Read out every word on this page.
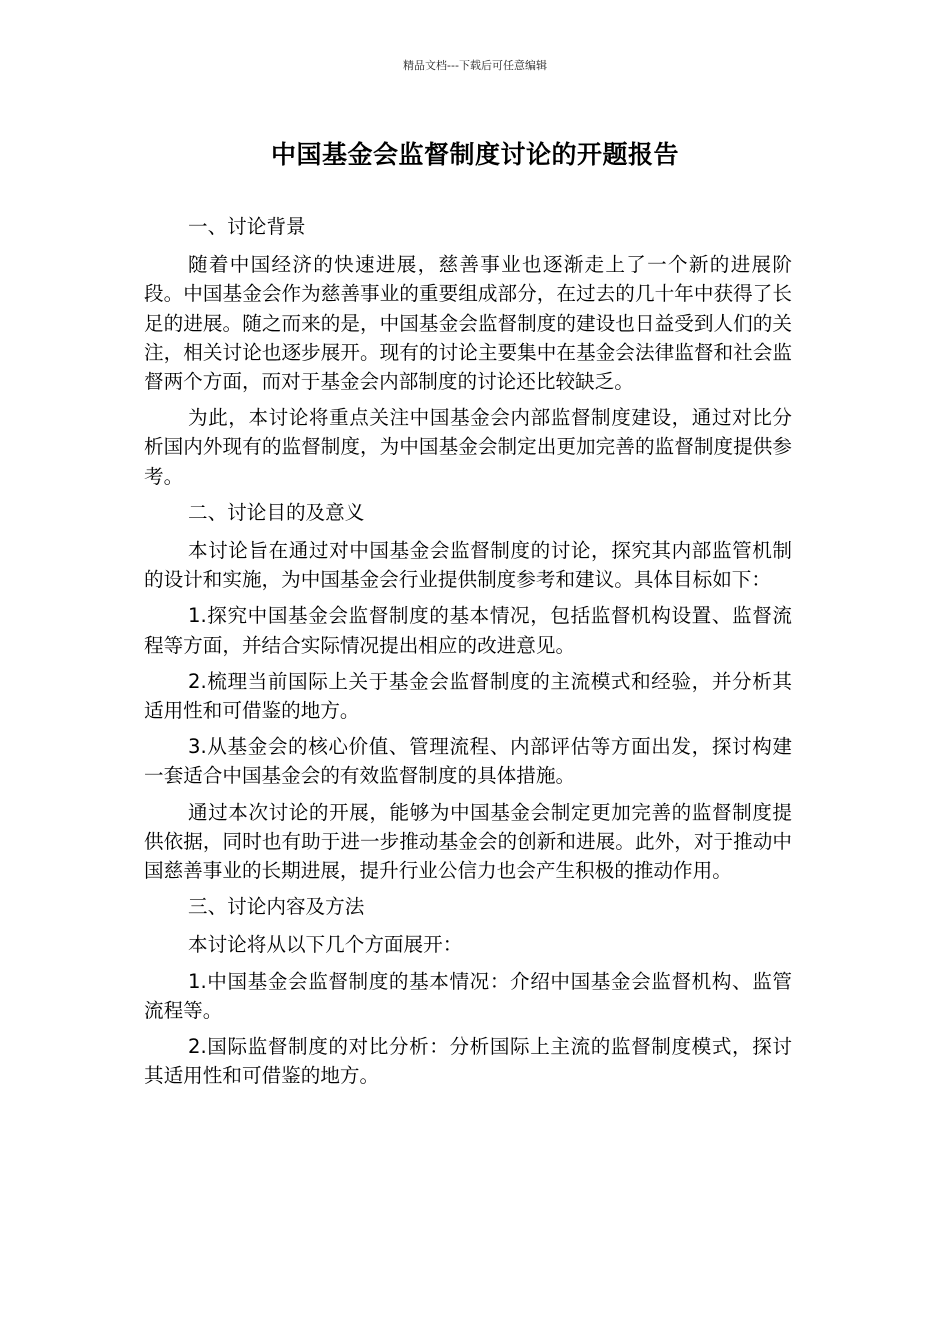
精品文档---下载后可任意编辑
中国基金会监督制度讨论的开题报告

一、讨论背景

随着中国经济的快速进展，慈善事业也逐渐走上了一个新的进展阶段。中国基金会作为慈善事业的重要组成部分，在过去的几十年中获得了长足的进展。随之而来的是，中国基金会监督制度的建设也日益受到人们的关注，相关讨论也逐步展开。现有的讨论主要集中在基金会法律监督和社会监督两个方面，而对于基金会内部制度的讨论还比较缺乏。

为此，本讨论将重点关注中国基金会内部监督制度建设，通过对比分析国内外现有的监督制度，为中国基金会制定出更加完善的监督制度提供参考。

二、讨论目的及意义

本讨论旨在通过对中国基金会监督制度的讨论，探究其内部监管机制的设计和实施，为中国基金会行业提供制度参考和建议。具体目标如下：

1.探究中国基金会监督制度的基本情况，包括监督机构设置、监督流程等方面，并结合实际情况提出相应的改进意见。

2.梳理当前国际上关于基金会监督制度的主流模式和经验，并分析其适用性和可借鉴的地方。

3.从基金会的核心价值、管理流程、内部评估等方面出发，探讨构建一套适合中国基金会的有效监督制度的具体措施。

通过本次讨论的开展，能够为中国基金会制定更加完善的监督制度提供依据，同时也有助于进一步推动基金会的创新和进展。此外，对于推动中国慈善事业的长期进展，提升行业公信力也会产生积极的推动作用。

三、讨论内容及方法

本讨论将从以下几个方面展开：

1.中国基金会监督制度的基本情况：介绍中国基金会监督机构、监管流程等。

2.国际监督制度的对比分析：分析国际上主流的监督制度模式，探讨其适用性和可借鉴的地方。
